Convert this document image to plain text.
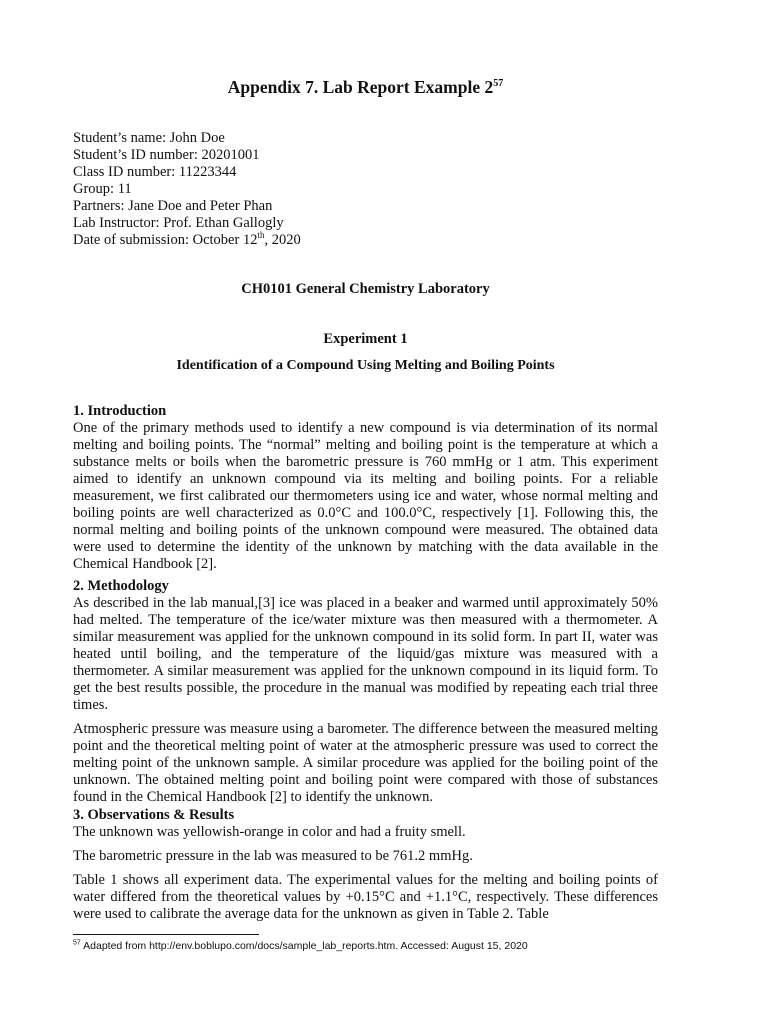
Appendix 7. Lab Report Example $2^{57}$
Student’s name: John Doe
Student’s ID number: 20201001
Class ID number: 11223344
Group: 11
Partners: Jane Doe and Peter Phan
Lab Instructor: Prof. Ethan Gallogly
Date of submission: October 12th, 2020
CH0101 General Chemistry Laboratory
Experiment 1
Identification of a Compound Using Melting and Boiling Points
1. Introduction
One of the primary methods used to identify a new compound is via determination of its normal melting and boiling points. The “normal” melting and boiling point is the temperature at which a substance melts or boils when the barometric pressure is 760 mmHg or 1 atm. This experiment aimed to identify an unknown compound via its melting and boiling points. For a reliable measurement, we first calibrated our thermometers using ice and water, whose normal melting and boiling points are well characterized as 0.0°C and 100.0°C, respectively [1]. Following this, the normal melting and boiling points of the unknown compound were measured. The obtained data were used to determine the identity of the unknown by matching with the data available in the Chemical Handbook [2].
2. Methodology
As described in the lab manual,[3] ice was placed in a beaker and warmed until approximately 50% had melted. The temperature of the ice/water mixture was then measured with a thermometer. A similar measurement was applied for the unknown compound in its solid form. In part II, water was heated until boiling, and the temperature of the liquid/gas mixture was measured with a thermometer. A similar measurement was applied for the unknown compound in its liquid form. To get the best results possible, the procedure in the manual was modified by repeating each trial three times.
Atmospheric pressure was measure using a barometer. The difference between the measured melting point and the theoretical melting point of water at the atmospheric pressure was used to correct the melting point of the unknown sample. A similar procedure was applied for the boiling point of the unknown. The obtained melting point and boiling point were compared with those of substances found in the Chemical Handbook [2] to identify the unknown.
3. Observations & Results
The unknown was yellowish-orange in color and had a fruity smell.
The barometric pressure in the lab was measured to be 761.2 mmHg.
Table 1 shows all experiment data. The experimental values for the melting and boiling points of water differed from the theoretical values by +0.15°C and +1.1°C, respectively. These differences were used to calibrate the average data for the unknown as given in Table 2. Table
$^{57}$ Adapted from http://env.boblupo.com/docs/sample_lab_reports.htm. Accessed: August 15, 2020
